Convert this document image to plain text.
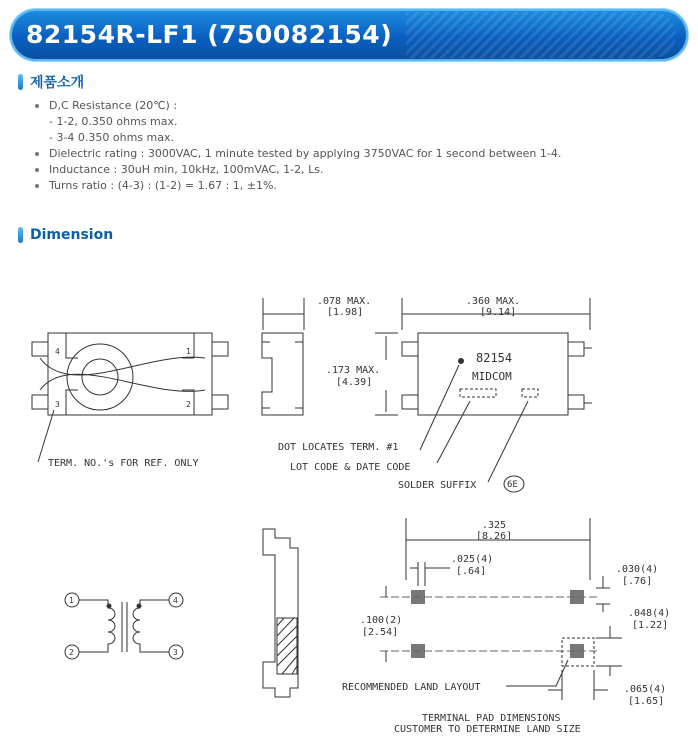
82154R-LF1 (750082154)
제품소개
D,C Resistance (20℃) :
- 1-2, 0.350 ohms max.
- 3-4 0.350 ohms max.
Dielectric rating : 3000VAC, 1 minute tested by applying 3750VAC for 1 second between 1-4.
Inductance : 30uH min, 10kHz, 100mVAC, 1-2, Ls.
Turns ratio : (4-3) : (1-2) = 1.67 : 1, ±1%.
Dimension
4
3
1
2
TERM. NO.'s FOR REF. ONLY
.078 MAX.
[1.98]
82154
MIDCOM
.360 MAX.
[9.14]
.173 MAX.
[4.39]
DOT LOCATES TERM. #1
LOT CODE & DATE CODE
SOLDER SUFFIX	6E
1
2
4
3
.325
[8.26]
.025(4)
[.64]	.030(4)
[.76]
.100(2)
[2.54]
.048(4)
[1.22]
.065(4)
[1.65]
RECOMMENDED LAND LAYOUT
TERMINAL PAD DIMENSIONS
CUSTOMER TO DETERMINE LAND SIZE
